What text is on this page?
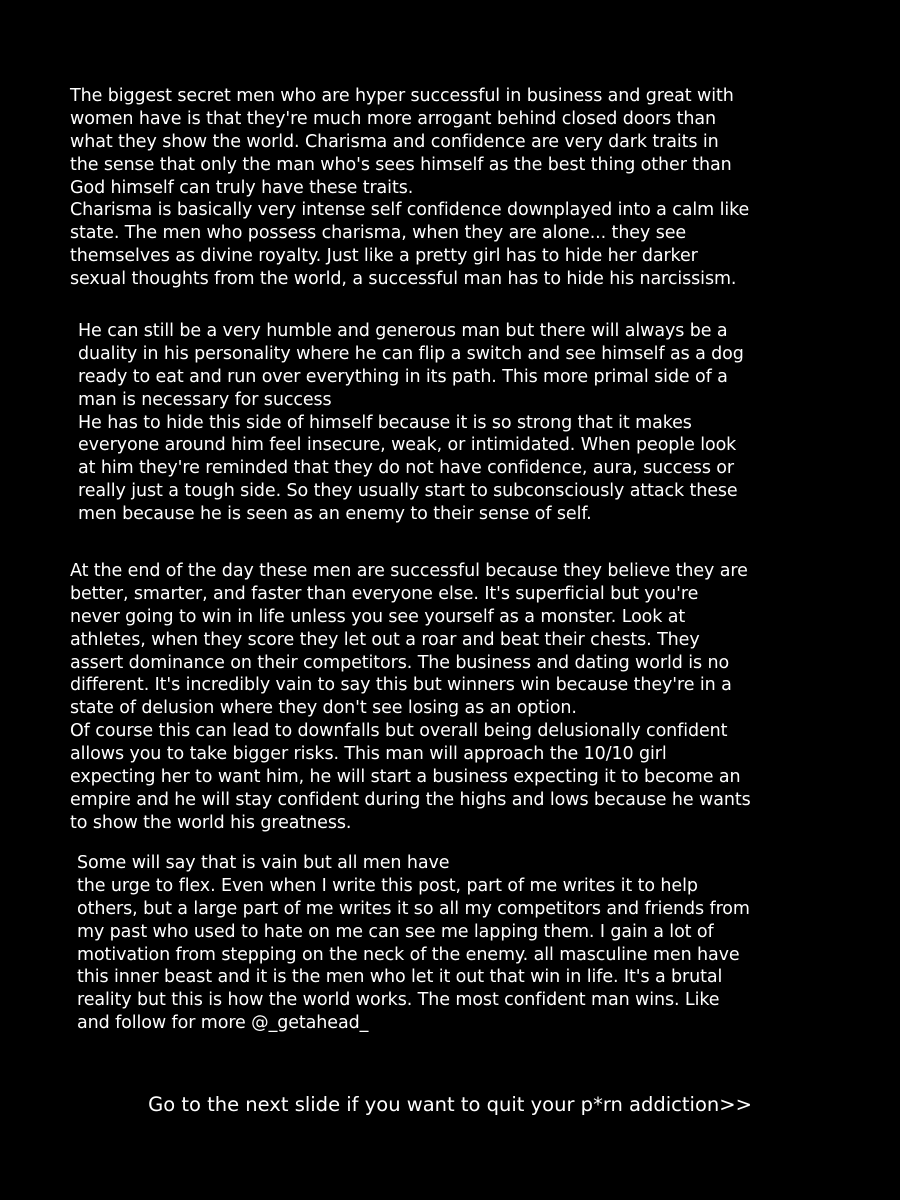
The biggest secret men who are hyper successful in business and great with
women have is that they're much more arrogant behind closed doors than
what they show the world. Charisma and confidence are very dark traits in
the sense that only the man who's sees himself as the best thing other than
God himself can truly have these traits.
Charisma is basically very intense self confidence downplayed into a calm like
state. The men who possess charisma, when they are alone... they see
themselves as divine royalty. Just like a pretty girl has to hide her darker
sexual thoughts from the world, a successful man has to hide his narcissism.

He can still be a very humble and generous man but there will always be a
duality in his personality where he can flip a switch and see himself as a dog
ready to eat and run over everything in its path. This more primal side of a
man is necessary for success
He has to hide this side of himself because it is so strong that it makes
everyone around him feel insecure, weak, or intimidated. When people look
at him they're reminded that they do not have confidence, aura, success or
really just a tough side. So they usually start to subconsciously attack these
men because he is seen as an enemy to their sense of self.

At the end of the day these men are successful because they believe they are
better, smarter, and faster than everyone else. It's superficial but you're
never going to win in life unless you see yourself as a monster. Look at
athletes, when they score they let out a roar and beat their chests. They
assert dominance on their competitors. The business and dating world is no
different. It's incredibly vain to say this but winners win because they're in a
state of delusion where they don't see losing as an option.
Of course this can lead to downfalls but overall being delusionally confident
allows you to take bigger risks. This man will approach the 10/10 girl
expecting her to want him, he will start a business expecting it to become an
empire and he will stay confident during the highs and lows because he wants
to show the world his greatness.

Some will say that is vain but all men have
the urge to flex. Even when I write this post, part of me writes it to help
others, but a large part of me writes it so all my competitors and friends from
my past who used to hate on me can see me lapping them. I gain a lot of
motivation from stepping on the neck of the enemy. all masculine men have
this inner beast and it is the men who let it out that win in life. It's a brutal
reality but this is how the world works. The most confident man wins. Like
and follow for more @_getahead_

Go to the next slide if you want to quit your p*rn addiction>>
